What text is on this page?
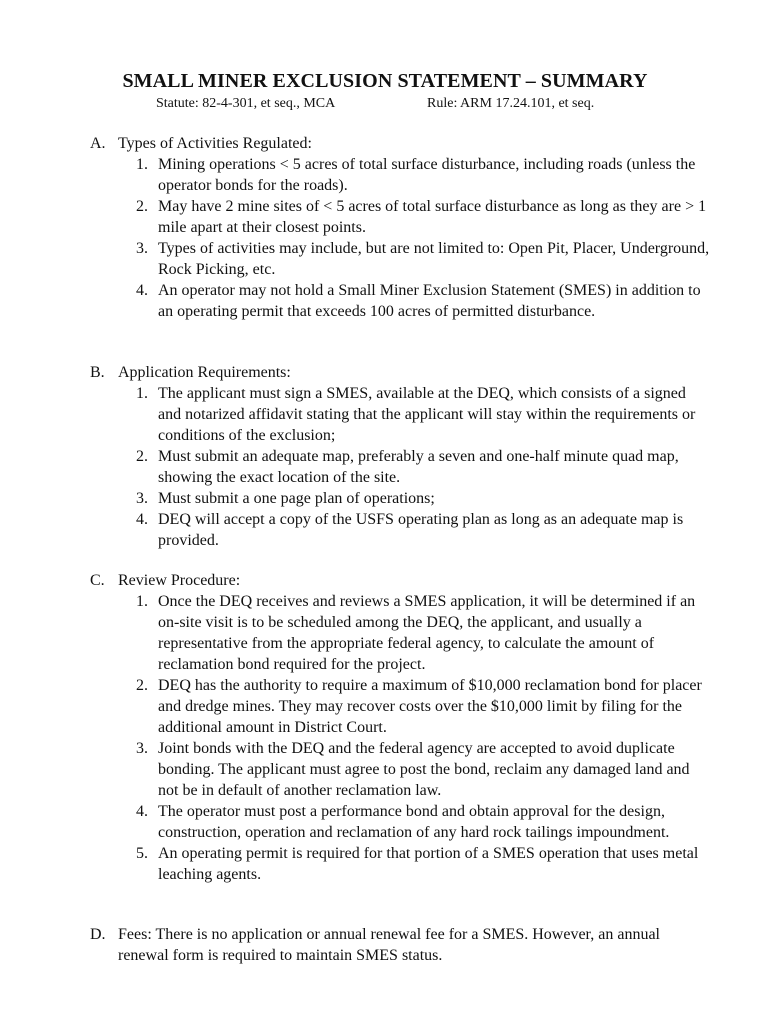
SMALL MINER EXCLUSION STATEMENT – SUMMARY
Statute: 82-4-301, et seq., MCA	Rule: ARM 17.24.101, et seq.
A. Types of Activities Regulated:
1. Mining operations < 5 acres of total surface disturbance, including roads (unless the operator bonds for the roads).
2. May have 2 mine sites of < 5 acres of total surface disturbance as long as they are > 1 mile apart at their closest points.
3. Types of activities may include, but are not limited to: Open Pit, Placer, Underground, Rock Picking, etc.
4. An operator may not hold a Small Miner Exclusion Statement (SMES) in addition to an operating permit that exceeds 100 acres of permitted disturbance.
B. Application Requirements:
1. The applicant must sign a SMES, available at the DEQ, which consists of a signed and notarized affidavit stating that the applicant will stay within the requirements or conditions of the exclusion;
2. Must submit an adequate map, preferably a seven and one-half minute quad map, showing the exact location of the site.
3. Must submit a one page plan of operations;
4. DEQ will accept a copy of the USFS operating plan as long as an adequate map is provided.
C. Review Procedure:
1. Once the DEQ receives and reviews a SMES application, it will be determined if an on-site visit is to be scheduled among the DEQ, the applicant, and usually a representative from the appropriate federal agency, to calculate the amount of reclamation bond required for the project.
2. DEQ has the authority to require a maximum of $10,000 reclamation bond for placer and dredge mines. They may recover costs over the $10,000 limit by filing for the additional amount in District Court.
3. Joint bonds with the DEQ and the federal agency are accepted to avoid duplicate bonding. The applicant must agree to post the bond, reclaim any damaged land and not be in default of another reclamation law.
4. The operator must post a performance bond and obtain approval for the design, construction, operation and reclamation of any hard rock tailings impoundment.
5. An operating permit is required for that portion of a SMES operation that uses metal leaching agents.
D. Fees: There is no application or annual renewal fee for a SMES. However, an annual renewal form is required to maintain SMES status.
